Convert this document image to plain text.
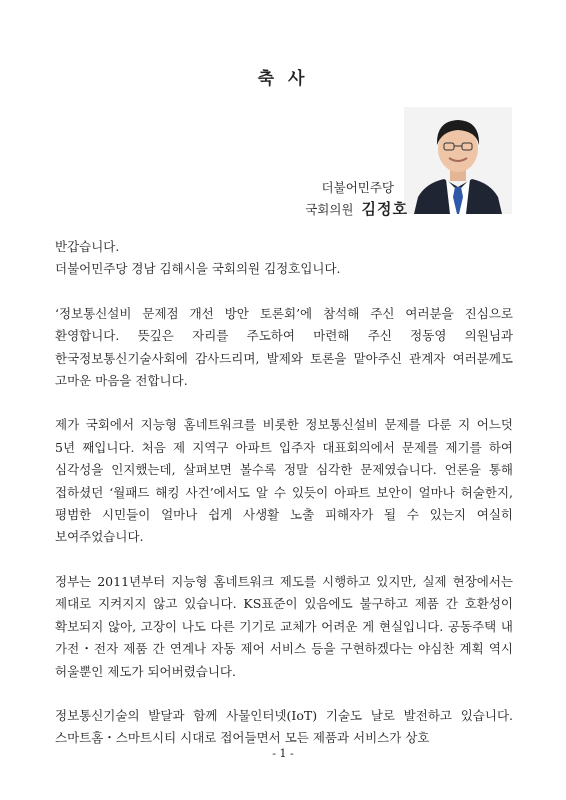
축 사
더불어민주당
국회의원 김정호

반갑습니다.
더불어민주당 경남 김해시을 국회의원 김정호입니다.

‘정보통신설비 문제점 개선 방안 토론회’에 참석해 주신 여러분을 진심으로 환영합니다. 뜻깊은 자리를 주도하여 마련해 주신 정동영 의원님과 한국정보통신기술사회에 감사드리며, 발제와 토론을 맡아주신 관계자 여러분께도 고마운 마음을 전합니다.

제가 국회에서 지능형 홈네트워크를 비롯한 정보통신설비 문제를 다룬 지 어느덧 5년 째입니다. 처음 제 지역구 아파트 입주자 대표회의에서 문제를 제기를 하여 심각성을 인지했는데, 살펴보면 볼수록 정말 심각한 문제였습니다. 언론을 통해 접하셨던 ‘월패드 해킹 사건’에서도 알 수 있듯이 아파트 보안이 얼마나 허술한지, 평범한 시민들이 얼마나 쉽게 사생활 노출 피해자가 될 수 있는지 여실히 보여주었습니다.

정부는 2011년부터 지능형 홈네트워크 제도를 시행하고 있지만, 실제 현장에서는 제대로 지켜지지 않고 있습니다. KS표준이 있음에도 불구하고 제품 간 호환성이 확보되지 않아, 고장이 나도 다른 기기로 교체가 어려운 게 현실입니다. 공동주택 내 가전・전자 제품 간 연계나 자동 제어 서비스 등을 구현하겠다는 야심찬 계획 역시 허울뿐인 제도가 되어버렸습니다.

정보통신기술의 발달과 함께 사물인터넷(IoT) 기술도 날로 발전하고 있습니다. 스마트홈・스마트시티 시대로 접어들면서 모든 제품과 서비스가 상호

- 1 -
